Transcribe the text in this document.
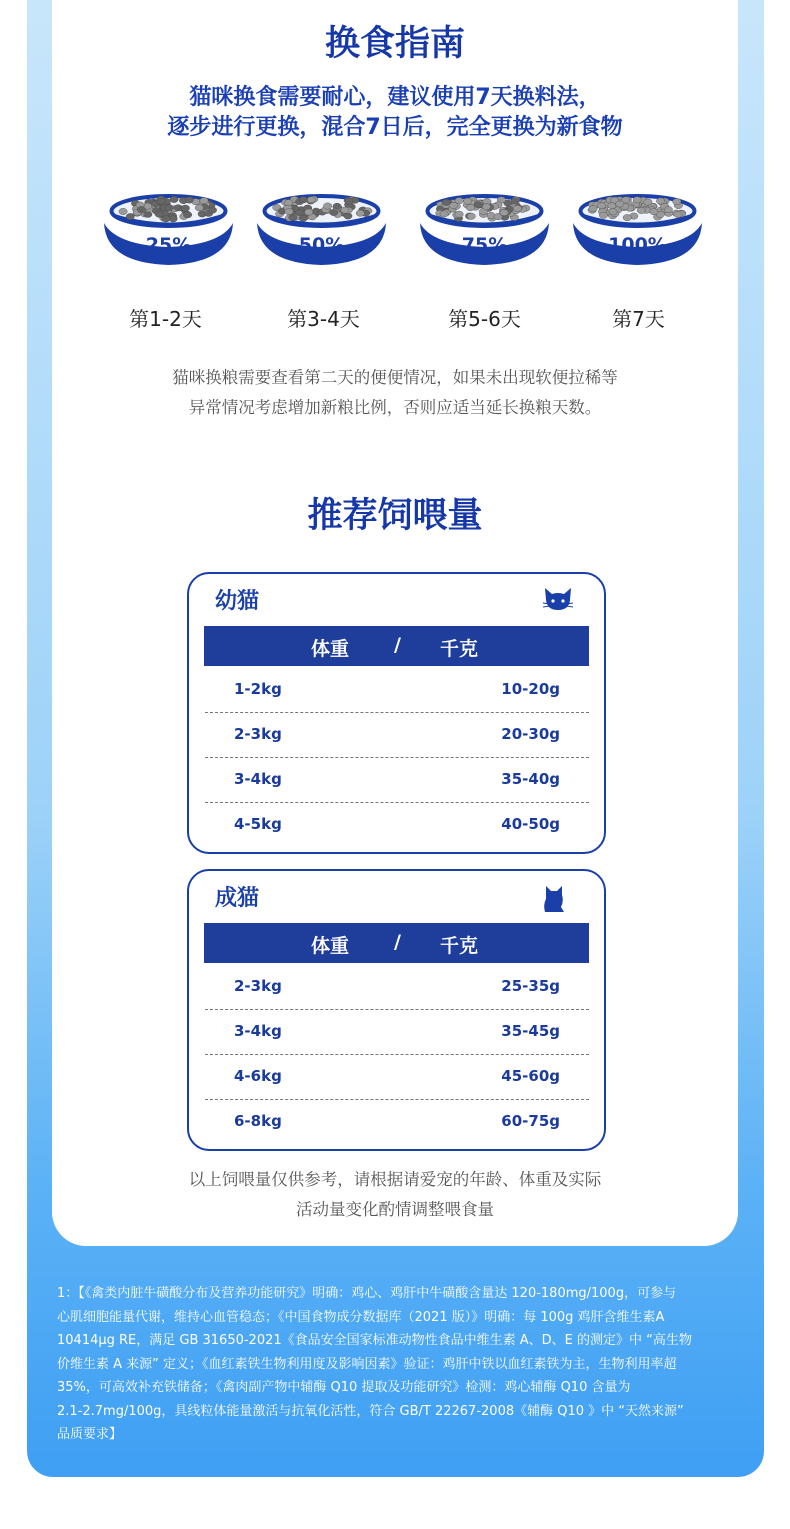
换食指南
猫咪换食需要耐心，建议使用7天换料法，
逐步进行更换，混合7日后，完全更换为新食物
25%
第1-2天
50%
第3-4天
75%
第5-6天
100%
第7天
猫咪换粮需要查看第二天的便便情况，如果未出现软便拉稀等
异常情况考虑增加新粮比例，否则应适当延长换粮天数。
推荐饲喂量
幼猫
体重 / 千克
1-2kg	10-20g
2-3kg	20-30g
3-4kg	35-40g
4-5kg	40-50g
成猫
体重 / 千克
2-3kg	25-35g
3-4kg	35-45g
4-6kg	45-60g
6-8kg	60-75g
以上饲喂量仅供参考，请根据请爱宠的年龄、体重及实际
活动量变化酌情调整喂食量
1：【《禽类内脏牛磺酸分布及营养功能研究》明确：鸡心、鸡肝中牛磺酸含量达 120-180mg/100g，可参与
心肌细胞能量代谢，维持心血管稳态；《中国食物成分数据库（2021 版）》明确：每 100g 鸡肝含维生素A
10414μg RE，满足 GB 31650-2021《食品安全国家标准动物性食品中维生素 A、D、E 的测定》中 “高生物
价维生素 A 来源” 定义；《血红素铁生物利用度及影响因素》验证：鸡肝中铁以血红素铁为主，生物利用率超
35%，可高效补充铁储备；《禽肉副产物中辅酶 Q10 提取及功能研究》检测：鸡心辅酶 Q10 含量为
2.1-2.7mg/100g，具线粒体能量激活与抗氧化活性，符合 GB/T 22267-2008《辅酶 Q10 》中 “天然来源”
品质要求】
